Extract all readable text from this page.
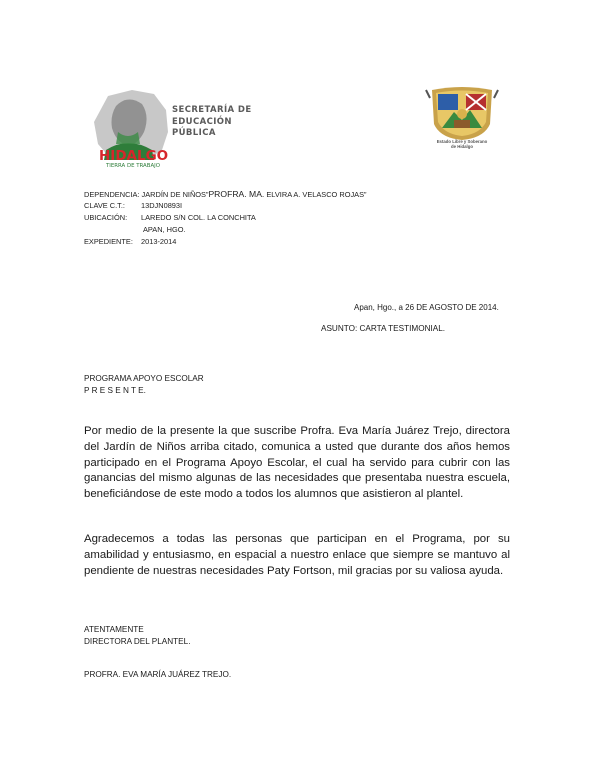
HIDALGO
TIERRA DE TRABAJO
SECRETARÍA DE
EDUCACIÓN
PÚBLICA
Estado Libre y Soberano
de Hidalgo
DEPENDENCIA: JARDÍN DE NIÑOS”PROFRA. MA. ELVIRA A. VELASCO ROJAS”
CLAVE C.T.: 13DJN0893I
UBICACIÓN: LAREDO S/N COL. LA CONCHITA
APAN, HGO.
EXPEDIENTE: 2013-2014
Apan, Hgo., a 26 DE AGOSTO DE 2014.
ASUNTO: CARTA TESTIMONIAL.
PROGRAMA APOYO ESCOLAR
P R E S E N T E.
Por medio de la presente la que suscribe Profra. Eva María Juárez Trejo, directora del Jardín de Niños arriba citado, comunica a usted que durante dos años hemos participado en el Programa Apoyo Escolar, el cual ha servido para cubrir con las ganancias del mismo algunas de las necesidades que presentaba nuestra escuela, beneficiándose de este modo a todos los alumnos que asistieron al plantel.
Agradecemos a todas las personas que participan en el Programa, por su amabilidad y entusiasmo, en espacial a nuestro enlace que siempre se mantuvo al pendiente de nuestras necesidades Paty Fortson, mil gracias por su valiosa ayuda.
ATENTAMENTE
DIRECTORA DEL PLANTEL.
PROFRA. EVA MARÍA JUÁREZ TREJO.
